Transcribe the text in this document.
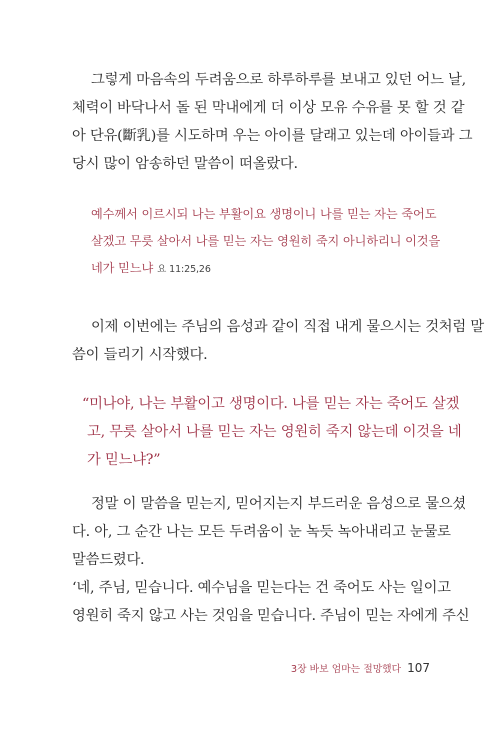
그렇게 마음속의 두려움으로 하루하루를 보내고 있던 어느 날,
체력이 바닥나서 돌 된 막내에게 더 이상 모유 수유를 못 할 것 같
아 단유(斷乳)를 시도하며 우는 아이를 달래고 있는데 아이들과 그
당시 많이 암송하던 말씀이 떠올랐다.
예수께서 이르시되 나는 부활이요 생명이니 나를 믿는 자는 죽어도
살겠고 무릇 살아서 나를 믿는 자는 영원히 죽지 아니하리니 이것을
네가 믿느냐 요 11:25,26
이제 이번에는 주님의 음성과 같이 직접 내게 물으시는 것처럼 말
씀이 들리기 시작했다.
“미나야, 나는 부활이고 생명이다. 나를 믿는 자는 죽어도 살겠
고, 무릇 살아서 나를 믿는 자는 영원히 죽지 않는데 이것을 네
가 믿느냐?”
정말 이 말씀을 믿는지, 믿어지는지 부드러운 음성으로 물으셨
다. 아, 그 순간 나는 모든 두려움이 눈 녹듯 녹아내리고 눈물로
말씀드렸다.
‘네, 주님, 믿습니다. 예수님을 믿는다는 건 죽어도 사는 일이고
영원히 죽지 않고 사는 것임을 믿습니다. 주님이 믿는 자에게 주신
3장 바보 엄마는 절망했다 107
